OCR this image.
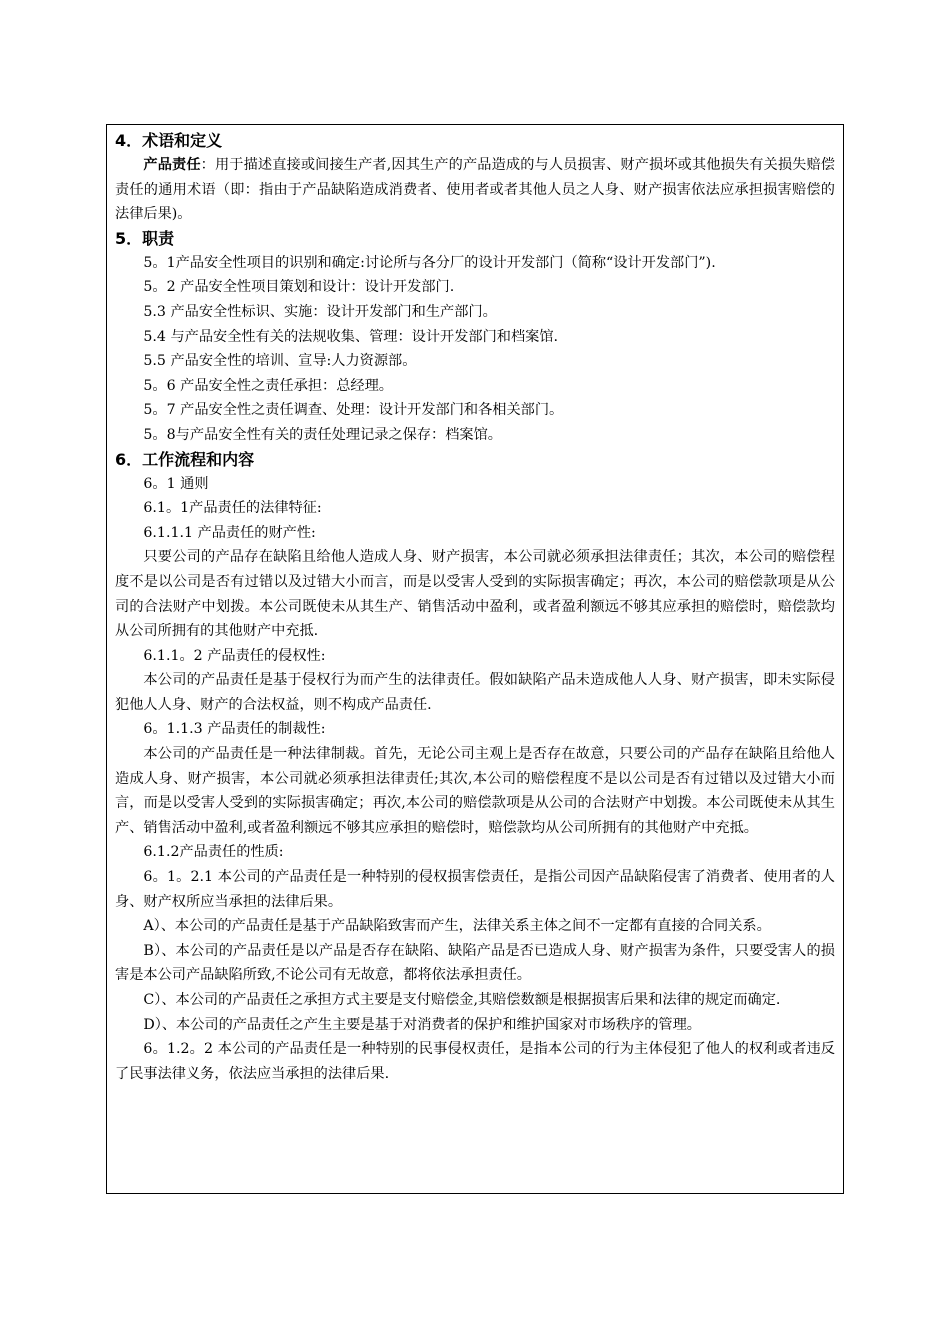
4．术语和定义

产品责任：用于描述直接或间接生产者,因其生产的产品造成的与人员损害、财产损坏或其他损失有关损失赔偿责任的通用术语（即：指由于产品缺陷造成消费者、使用者或者其他人员之人身、财产损害依法应承担损害赔偿的法律后果)。

5．职责

5。1产品安全性项目的识别和确定:讨论所与各分厂的设计开发部门（简称“设计开发部门”).

5。2 产品安全性项目策划和设计：设计开发部门.
5.3 产品安全性标识、实施：设计开发部门和生产部门。
5.4 与产品安全性有关的法规收集、管理：设计开发部门和档案馆.
5.5 产品安全性的培训、宣导:人力资源部。
5。6 产品安全性之责任承担：总经理。
5。7 产品安全性之责任调查、处理：设计开发部门和各相关部门。
5。8与产品安全性有关的责任处理记录之保存：档案馆。
6．工作流程和内容
6。1 通则
6.1。1产品责任的法律特征:
6.1.1.1 产品责任的财产性:

只要公司的产品存在缺陷且给他人造成人身、财产损害，本公司就必须承担法律责任；其次，本公司的赔偿程度不是以公司是否有过错以及过错大小而言，而是以受害人受到的实际损害确定；再次，本公司的赔偿款项是从公司的合法财产中划拨。本公司既使未从其生产、销售活动中盈利，或者盈利额远不够其应承担的赔偿时，赔偿款均从公司所拥有的其他财产中充抵.

6.1.1。2 产品责任的侵权性:

本公司的产品责任是基于侵权行为而产生的法律责任。假如缺陷产品未造成他人人身、财产损害，即未实际侵犯他人人身、财产的合法权益，则不构成产品责任.

6。1.1.3 产品责任的制裁性:

本公司的产品责任是一种法律制裁。首先，无论公司主观上是否存在故意，只要公司的产品存在缺陷且给他人造成人身、财产损害，本公司就必须承担法律责任;其次,本公司的赔偿程度不是以公司是否有过错以及过错大小而言，而是以受害人受到的实际损害确定；再次,本公司的赔偿款项是从公司的合法财产中划拨。本公司既使未从其生产、销售活动中盈利,或者盈利额远不够其应承担的赔偿时，赔偿款均从公司所拥有的其他财产中充抵。

6.1.2产品责任的性质:

6。1。2.1 本公司的产品责任是一种特别的侵权损害偿责任，是指公司因产品缺陷侵害了消费者、使用者的人身、财产权所应当承担的法律后果。

A）、本公司的产品责任是基于产品缺陷致害而产生，法律关系主体之间不一定都有直接的合同关系。

B）、本公司的产品责任是以产品是否存在缺陷、缺陷产品是否已造成人身、财产损害为条件，只要受害人的损害是本公司产品缺陷所致,不论公司有无故意，都将依法承担责任。

C）、本公司的产品责任之承担方式主要是支付赔偿金,其赔偿数额是根据损害后果和法律的规定而确定.

D）、本公司的产品责任之产生主要是基于对消费者的保护和维护国家对市场秩序的管理。

6。1.2。2 本公司的产品责任是一种特别的民事侵权责任，是指本公司的行为主体侵犯了他人的权利或者违反了民事法律义务，依法应当承担的法律后果.
